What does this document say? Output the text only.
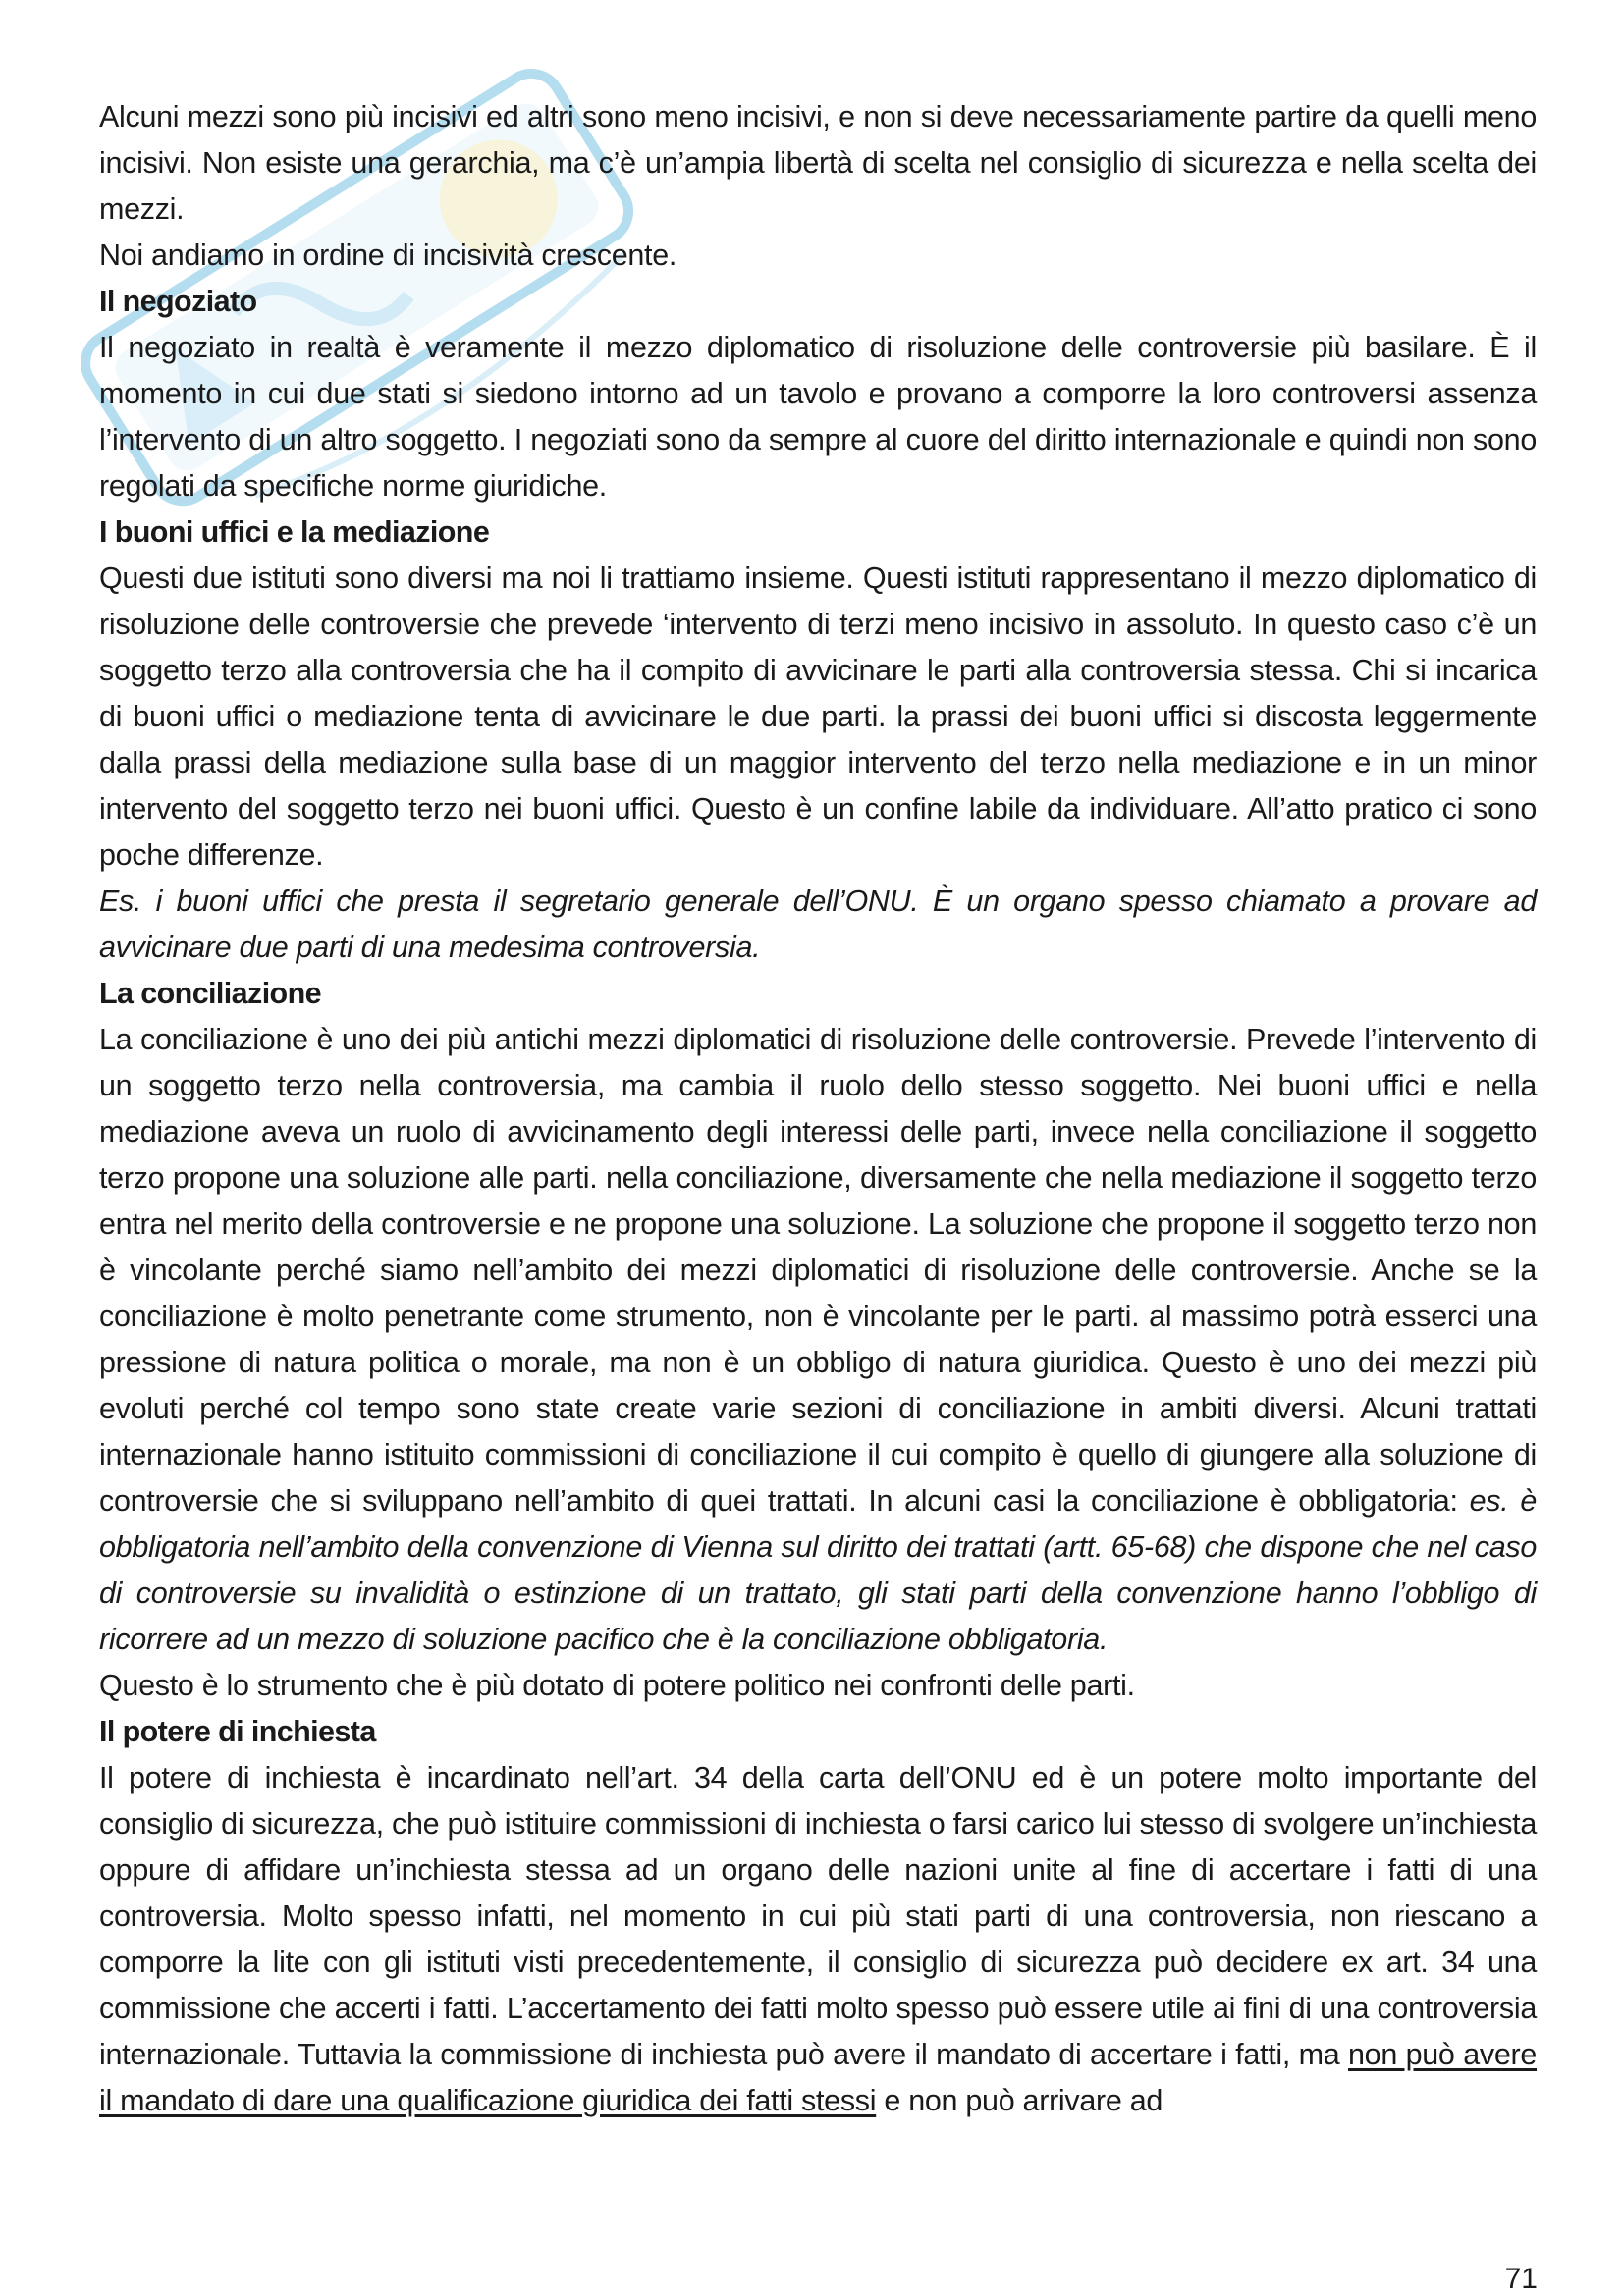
Alcuni mezzi sono più incisivi ed altri sono meno incisivi, e non si deve necessariamente partire da quelli meno incisivi. Non esiste una gerarchia, ma c’è un’ampia libertà di scelta nel consiglio di sicurezza e nella scelta dei mezzi.

Noi andiamo in ordine di incisività crescente.

Il negoziato

Il negoziato in realtà è veramente il mezzo diplomatico di risoluzione delle controversie più basilare. È il momento in cui due stati si siedono intorno ad un tavolo e provano a comporre la loro controversi assenza l’intervento di un altro soggetto. I negoziati sono da sempre al cuore del diritto internazionale e quindi non sono regolati da specifiche norme giuridiche.

I buoni uffici e la mediazione

Questi due istituti sono diversi ma noi li trattiamo insieme. Questi istituti rappresentano il mezzo diplomatico di risoluzione delle controversie che prevede ‘intervento di terzi meno incisivo in assoluto. In questo caso c’è un soggetto terzo alla controversia che ha il compito di avvicinare le parti alla controversia stessa. Chi si incarica di buoni uffici o mediazione tenta di avvicinare le due parti. la prassi dei buoni uffici si discosta leggermente dalla prassi della mediazione sulla base di un maggior intervento del terzo nella mediazione e in un minor intervento del soggetto terzo nei buoni uffici. Questo è un confine labile da individuare. All’atto pratico ci sono poche differenze.

Es. i buoni uffici che presta il segretario generale dell’ONU. È un organo spesso chiamato a provare ad avvicinare due parti di una medesima controversia.

La conciliazione

La conciliazione è uno dei più antichi mezzi diplomatici di risoluzione delle controversie. Prevede l’intervento di un soggetto terzo nella controversia, ma cambia il ruolo dello stesso soggetto. Nei buoni uffici e nella mediazione aveva un ruolo di avvicinamento degli interessi delle parti, invece nella conciliazione il soggetto terzo propone una soluzione alle parti. nella conciliazione, diversamente che nella mediazione il soggetto terzo entra nel merito della controversie e ne propone una soluzione. La soluzione che propone il soggetto terzo non è vincolante perché siamo nell’ambito dei mezzi diplomatici di risoluzione delle controversie. Anche se la conciliazione è molto penetrante come strumento, non è vincolante per le parti. al massimo potrà esserci una pressione di natura politica o morale, ma non è un obbligo di natura giuridica. Questo è uno dei mezzi più evoluti perché col tempo sono state create varie sezioni di conciliazione in ambiti diversi. Alcuni trattati internazionale hanno istituito commissioni di conciliazione il cui compito è quello di giungere alla soluzione di controversie che si sviluppano nell’ambito di quei trattati. In alcuni casi la conciliazione è obbligatoria: es. è obbligatoria nell’ambito della convenzione di Vienna sul diritto dei trattati (artt. 65-68) che dispone che nel caso di controversie su invalidità o estinzione di un trattato, gli stati parti della convenzione hanno l’obbligo di ricorrere ad un mezzo di soluzione pacifico che è la conciliazione obbligatoria.

Questo è lo strumento che è più dotato di potere politico nei confronti delle parti.

Il potere di inchiesta

Il potere di inchiesta è incardinato nell’art. 34 della carta dell’ONU ed è un potere molto importante del consiglio di sicurezza, che può istituire commissioni di inchiesta o farsi carico lui stesso di svolgere un’inchiesta oppure di affidare un’inchiesta stessa ad un organo delle nazioni unite al fine di accertare i fatti di una controversia. Molto spesso infatti, nel momento in cui più stati parti di una controversia, non riescano a comporre la lite con gli istituti visti precedentemente, il consiglio di sicurezza può decidere ex art. 34 una commissione che accerti i fatti. L’accertamento dei fatti molto spesso può essere utile ai fini di una controversia internazionale. Tuttavia la commissione di inchiesta può avere il mandato di accertare i fatti, ma non può avere il mandato di dare una qualificazione giuridica dei fatti stessi e non può arrivare ad

71
